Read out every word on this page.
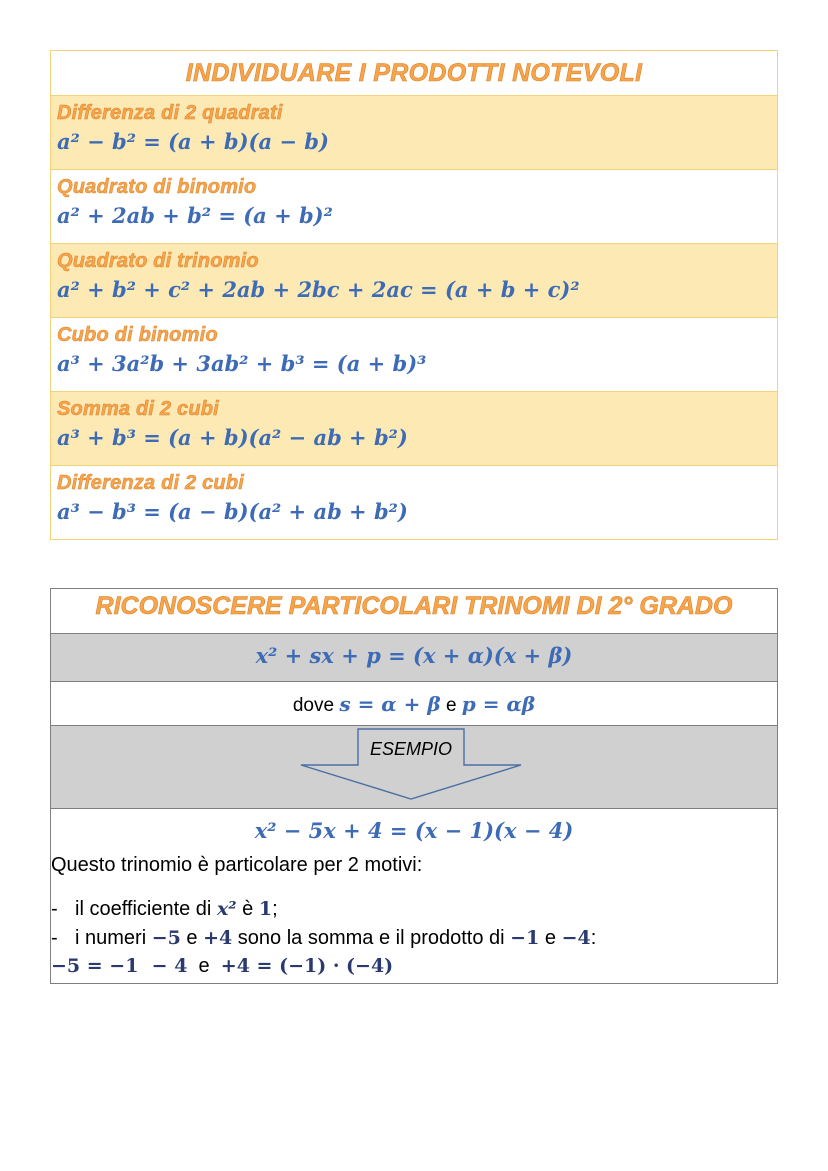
INDIVIDUARE I PRODOTTI NOTEVOLI

Differenza di 2 quadrati
a² − b² = (a + b)(a − b)

Quadrato di binomio
a² + 2ab + b² = (a + b)²

Quadrato di trinomio
a² + b² + c² + 2ab + 2bc + 2ac = (a + b + c)²

Cubo di binomio
a³ + 3a²b + 3ab² + b³ = (a + b)³

Somma di 2 cubi
a³ + b³ = (a + b)(a² − ab + b²)

Differenza di 2 cubi
a³ − b³ = (a − b)(a² + ab + b²)
RICONOSCERE PARTICOLARI TRINOMI DI 2° GRADO
x² + sx + p = (x + α)(x + β)
dove s = α + β e p = αβ
ESEMPIO
x² − 5x + 4 = (x − 1)(x − 4)
Questo trinomio è particolare per 2 motivi:
- il coefficiente di x² è 1;
- i numeri −5 e +4 sono la somma e il prodotto di −1 e −4:
−5 = −1  − 4 e +4 = (−1) · (−4)
